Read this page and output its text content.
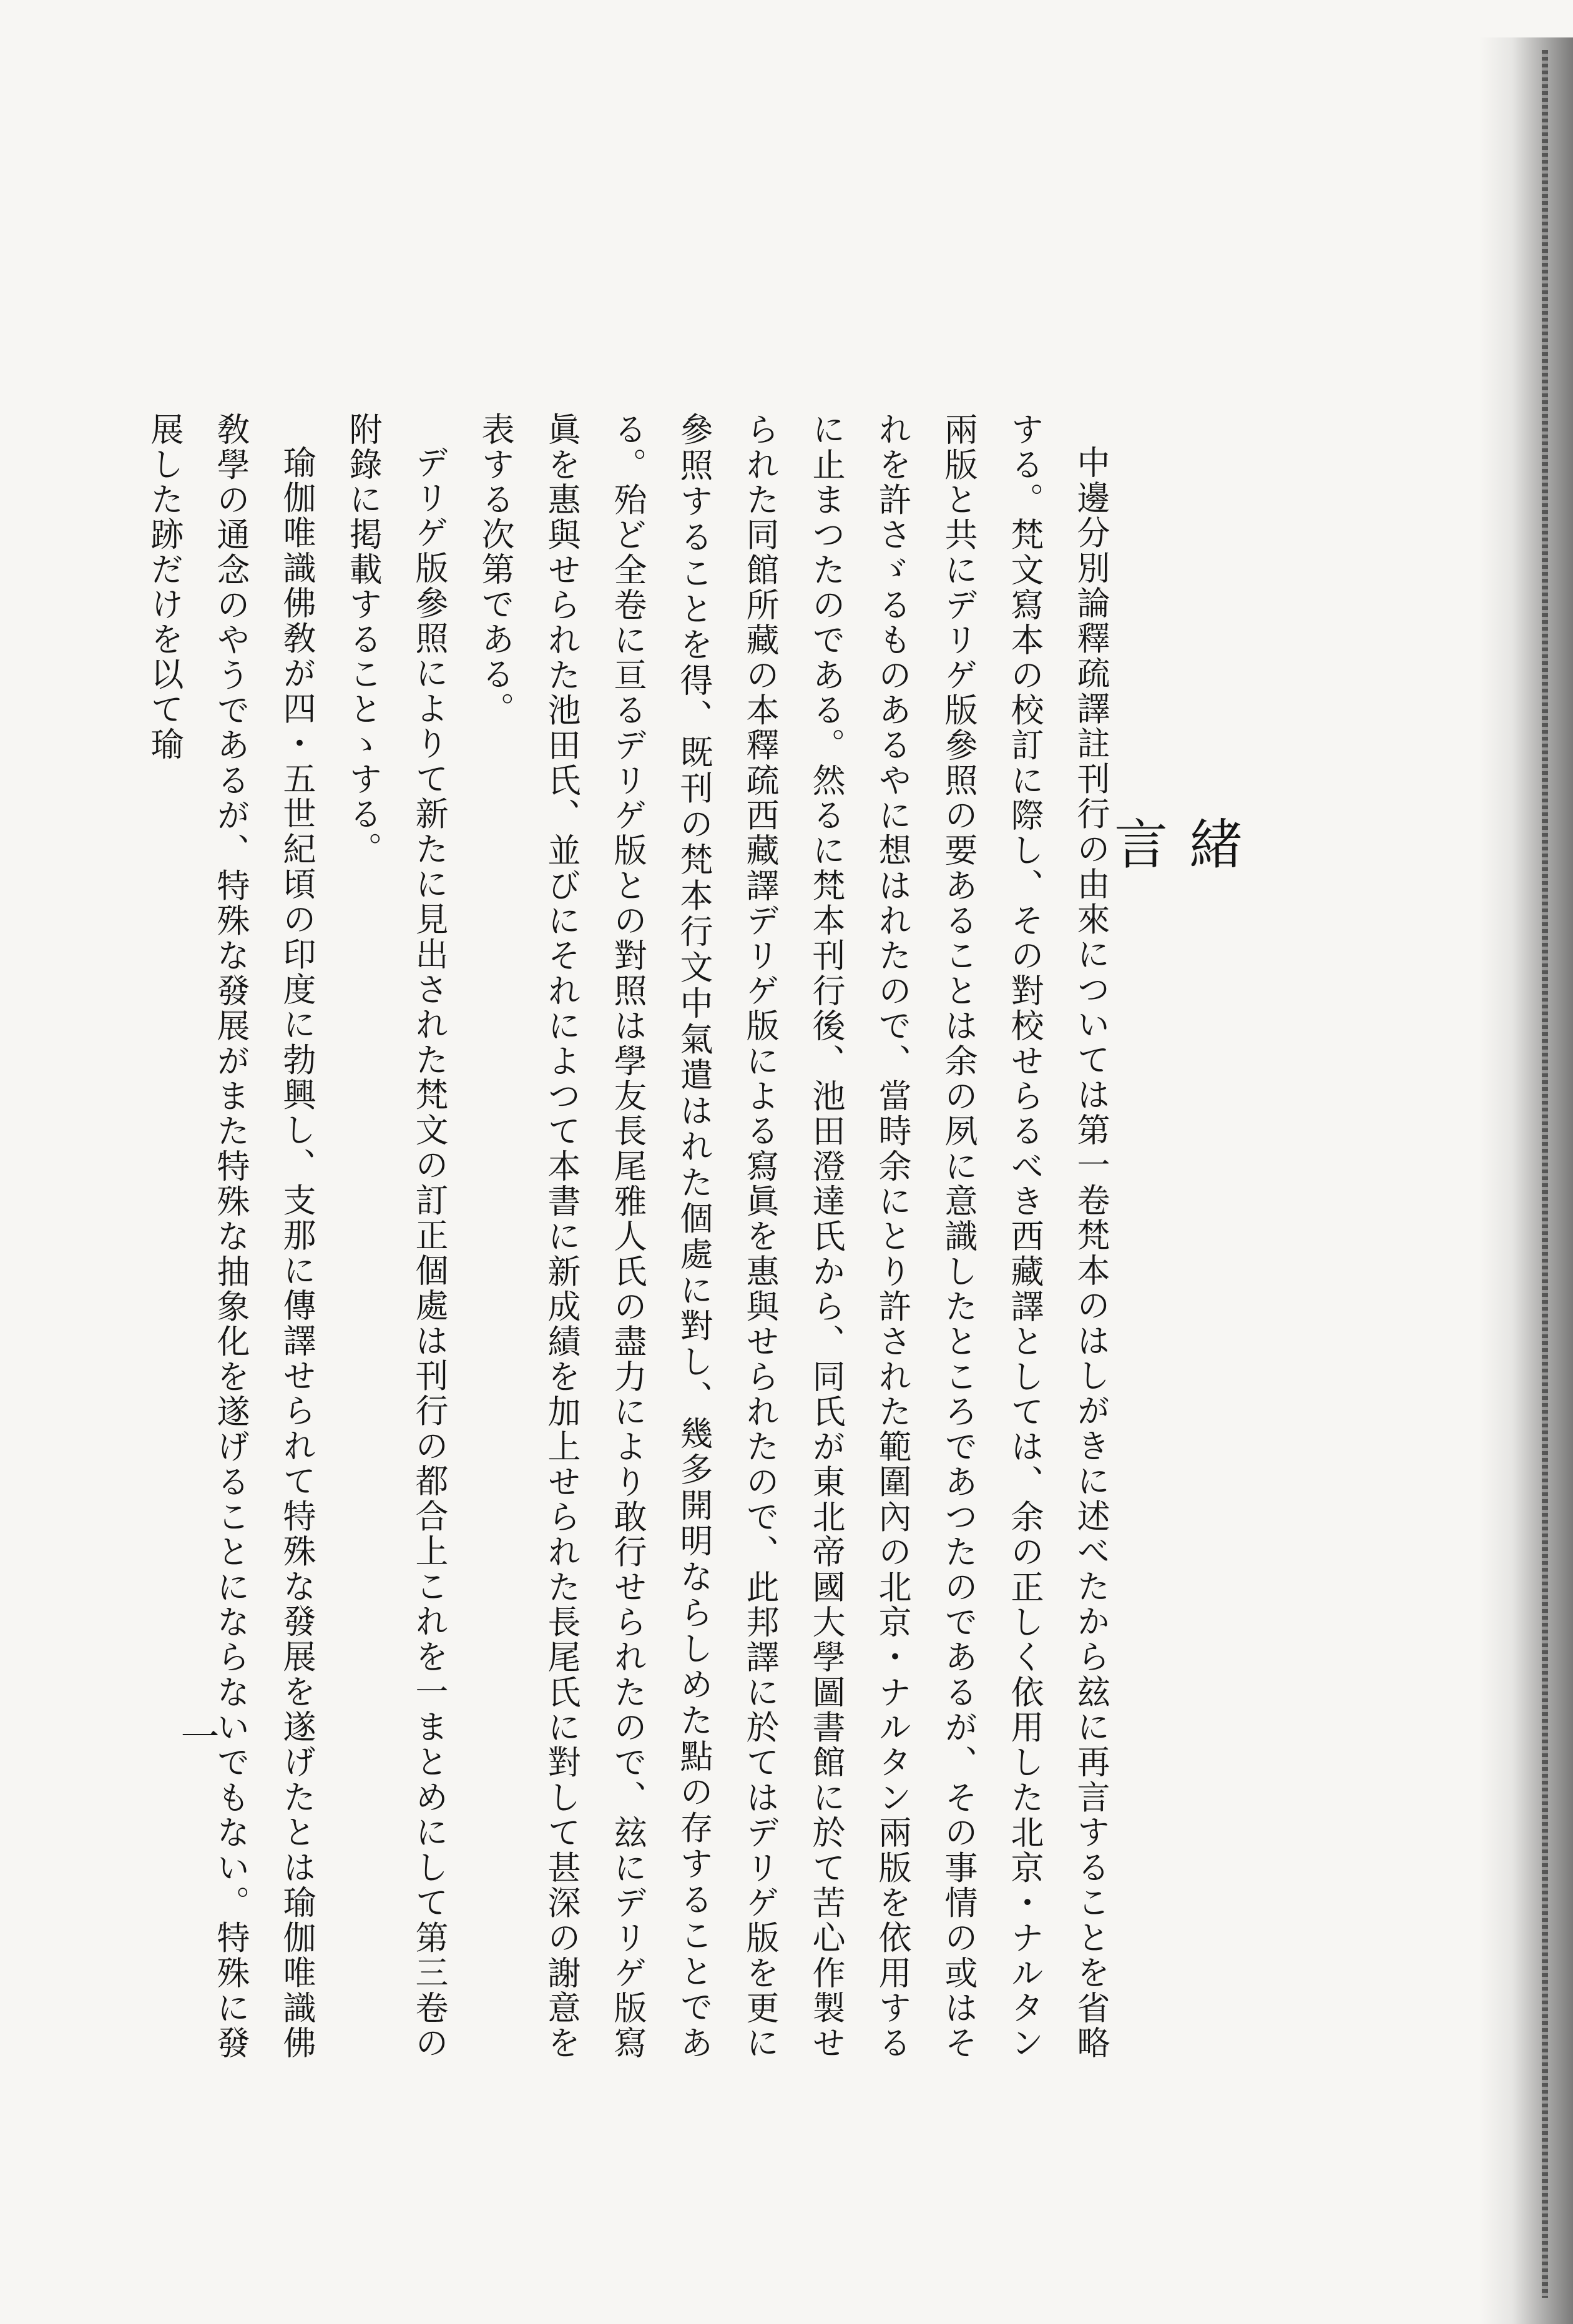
緒 言

中邊分別論釋疏譯註刊行の由來については第一卷梵本のはしがきに述べたから玆に再言することを省略する。梵文寫本の校訂に際し、その對校せらるべき西藏譯としては、余の正しく依用した北京・ナルタン兩版と共にデリゲ版參照の要あることは余の夙に意識したところであつたのであるが、その事情の或はそれを許さゞるものあるやに想はれたので、當時余にとり許された範圍內の北京・ナルタン兩版を依用するに止まつたのである。然るに梵本刊行後、池田澄達氏から、同氏が東北帝國大學圖書館に於て苦心作製せられた同館所藏の本釋疏西藏譯デリゲ版による寫眞を惠與せられたので、此邦譯に於てはデリゲ版を更に參照することを得、既刊の梵本行文中氣遣はれた個處に對し、幾多開明ならしめた點の存することである。殆ど全卷に亘るデリゲ版との對照は學友長尾雅人氏の盡力により敢行せられたので、玆にデリゲ版寫眞を惠與せられた池田氏、並びにそれによつて本書に新成績を加上せられた長尾氏に對して甚深の謝意を表する次第である。

デリゲ版參照によりて新たに見出された梵文の訂正個處は刊行の都合上これを一まとめにして第三卷の附錄に掲載することゝする。

瑜伽唯識佛敎が四・五世紀頃の印度に勃興し、支那に傳譯せられて特殊な發展を遂げたとは瑜伽唯識佛敎學の通念のやうであるが、特殊な發展がまた特殊な抽象化を遂げることにならないでもない。特殊に發展した跡だけを以て瑜

一
